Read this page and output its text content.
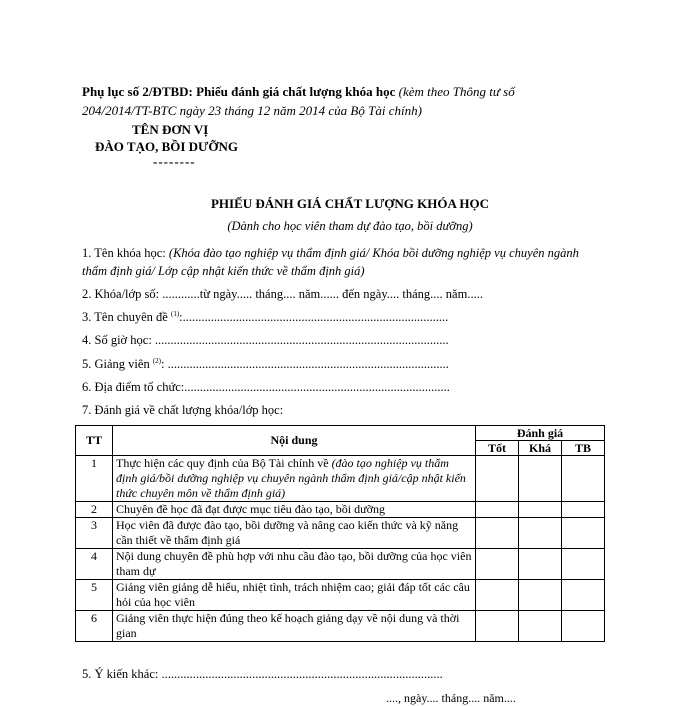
Phụ lục số 2/ĐTBD: Phiếu đánh giá chất lượng khóa học (kèm theo Thông tư số
204/2014/TT-BTC ngày 23 tháng 12 năm 2014 của Bộ Tài chính)
TÊN ĐƠN VỊ
ĐÀO TẠO, BỒI DƯỠNG
--------
PHIẾU ĐÁNH GIÁ CHẤT LƯỢNG KHÓA HỌC
(Dành cho học viên tham dự đào tạo, bồi dưỡng)
1. Tên khóa học: (Khóa đào tạo nghiệp vụ thẩm định giá/ Khóa bồi dưỡng nghiệp vụ chuyên ngành thẩm định giá/ Lớp cập nhật kiến thức về thẩm định giá)
2. Khóa/lớp số: ............từ ngày..... tháng.... năm...... đến ngày.... tháng.... năm.....
3. Tên chuyên đề $^{(1)}$:.....................................................................................
4. Số giờ học: ..............................................................................................
5. Giảng viên $^{(2)}$: ..........................................................................................
6. Địa điểm tổ chức:.....................................................................................
7. Đánh giá về chất lượng khóa/lớp học:
TT	Nội dung	Đánh giá		
		Tốt	Khá	TB
1	Thực hiện các quy định của Bộ Tài chính về (đào tạo nghiệp vụ thẩm định giá/bồi dưỡng nghiệp vụ chuyên ngành thẩm định giá/cập nhật kiến thức chuyên môn về thẩm định giá)			
2	Chuyên đề học đã đạt được mục tiêu đào tạo, bồi dưỡng			
3	Học viên đã được đào tạo, bồi dưỡng và nâng cao kiến thức và kỹ năng cần thiết về thẩm định giá			
4	Nội dung chuyên đề phù hợp với nhu cầu đào tạo, bồi dưỡng của học viên tham dự			
5	Giảng viên giảng dễ hiểu, nhiệt tình, trách nhiệm cao; giải đáp tốt các câu hỏi của học viên			
6	Giảng viên thực hiện đúng theo kế hoạch giảng dạy về nội dung và thời gian			
5. Ý kiến khác: ..........................................................................................
...., ngày.... tháng.... năm....
